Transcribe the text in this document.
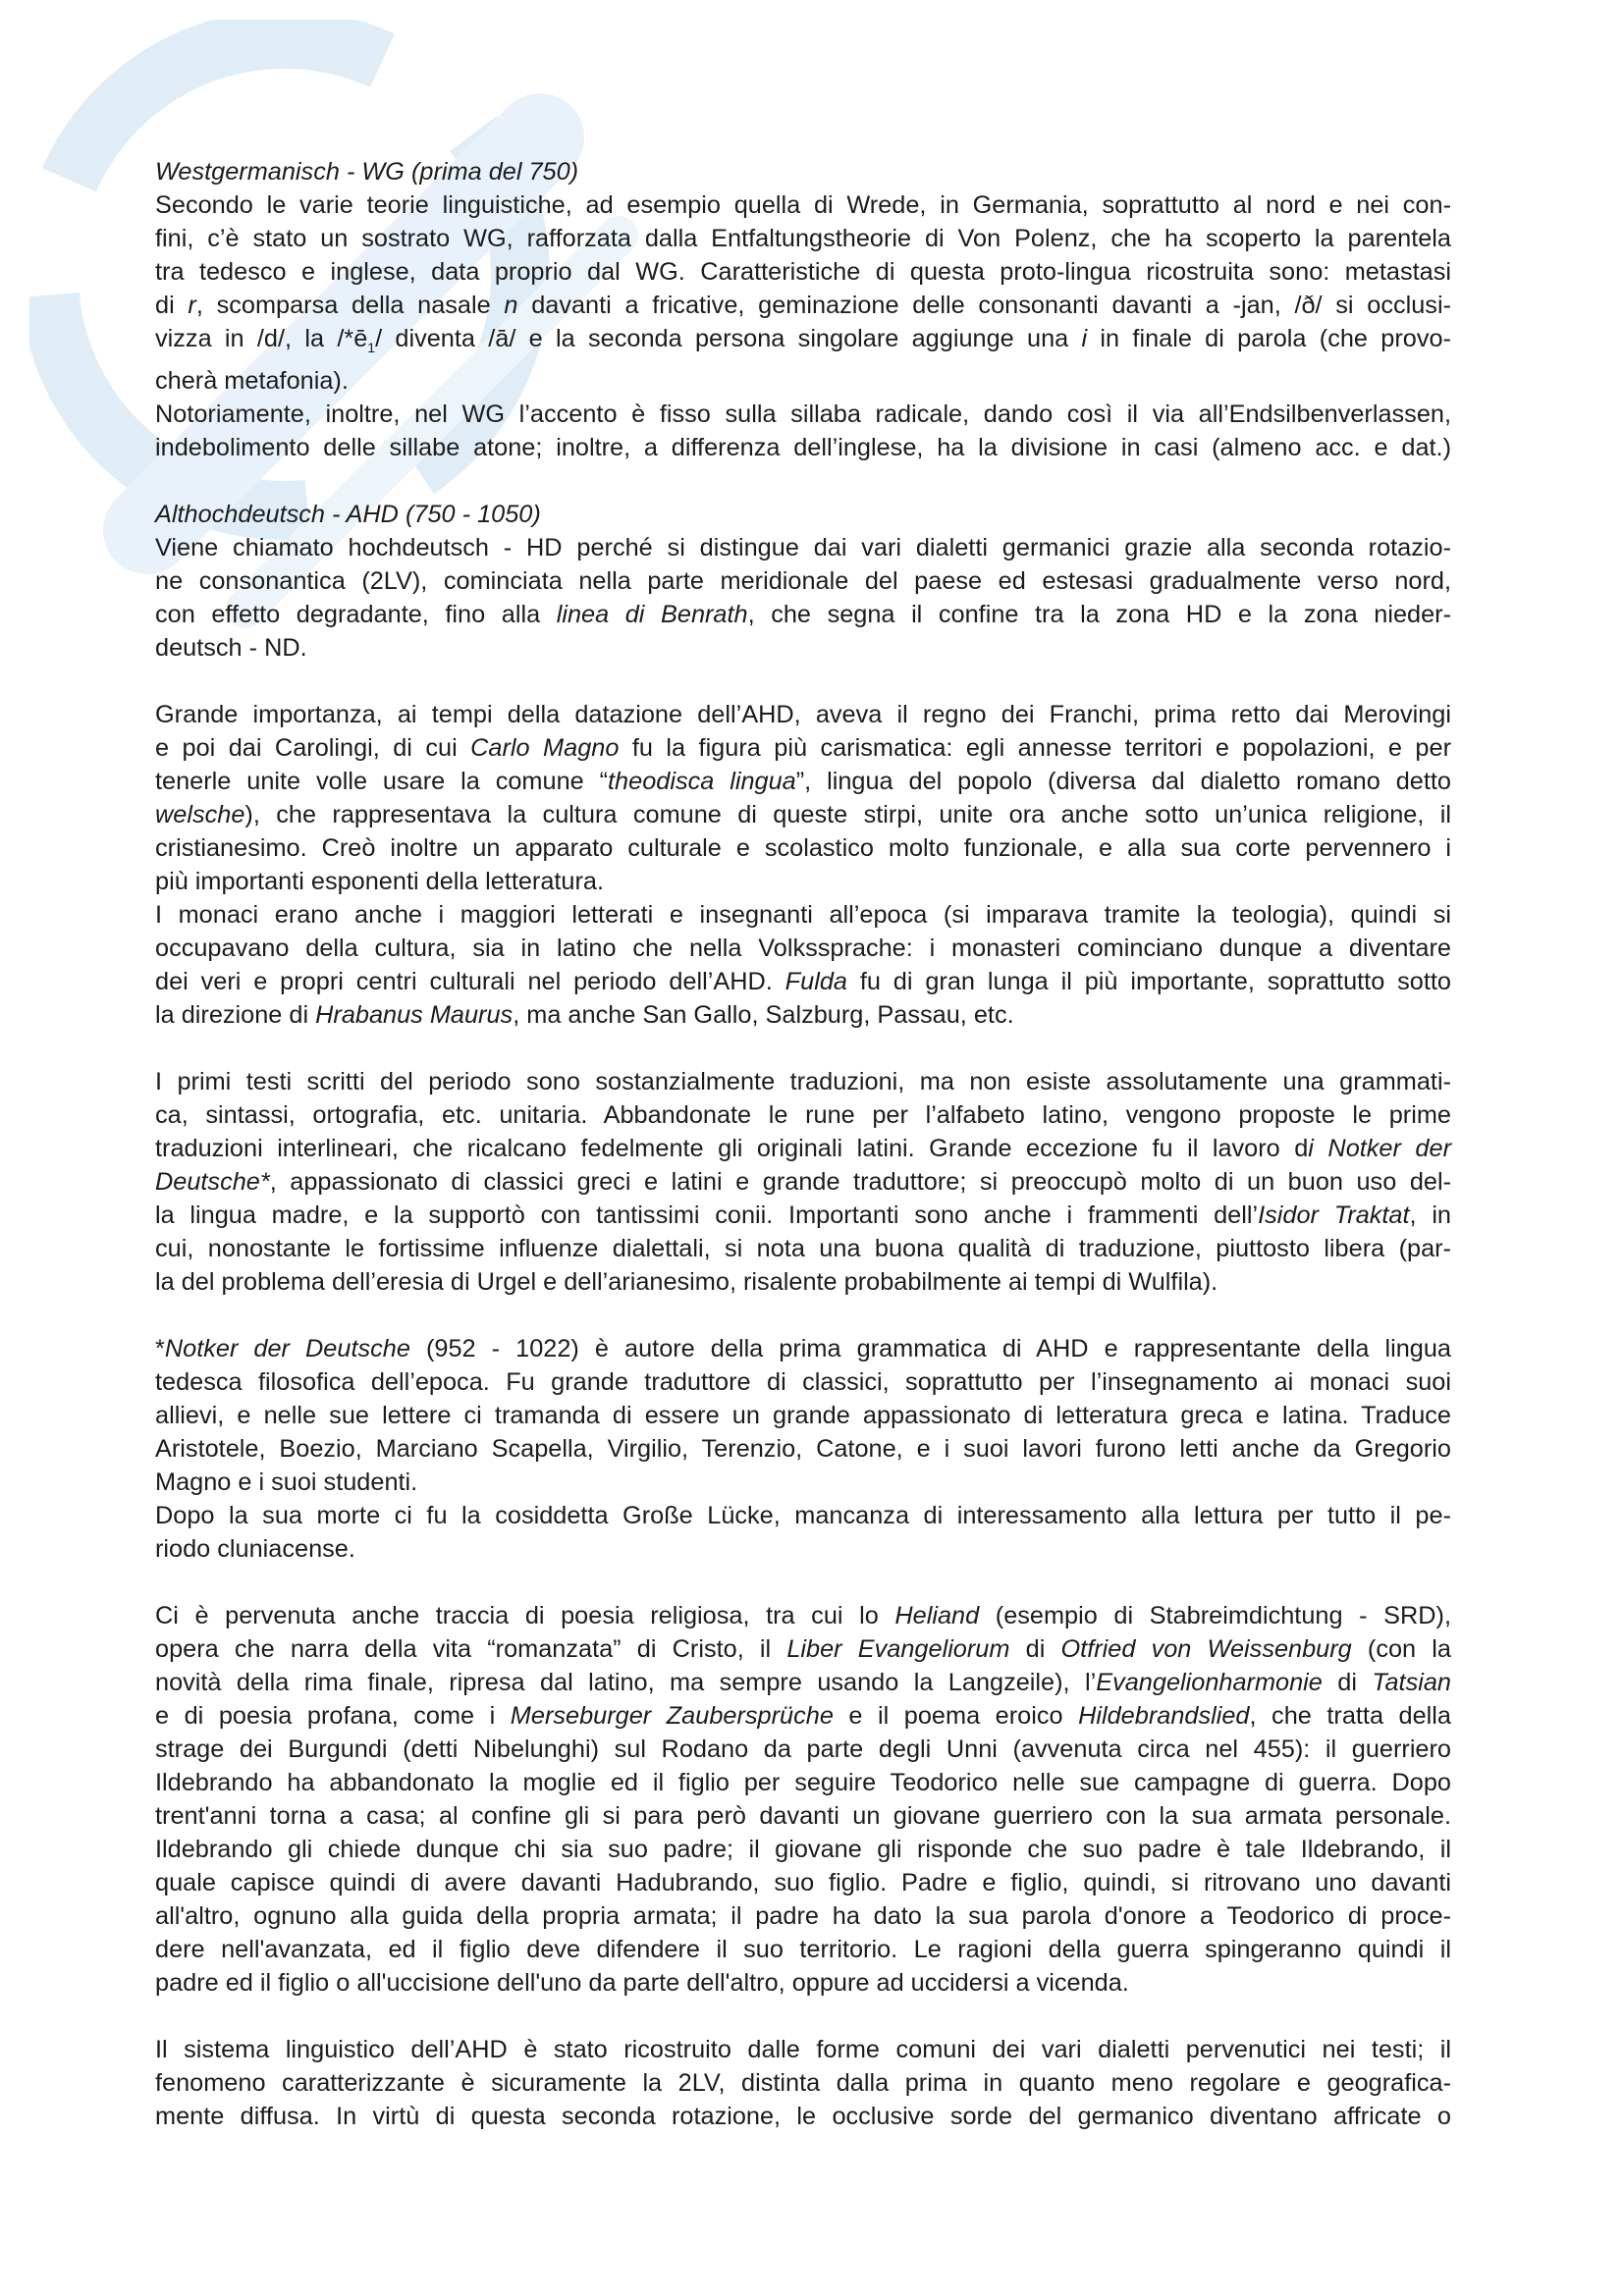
Westgermanisch - WG (prima del 750)
Secondo le varie teorie linguistiche, ad esempio quella di Wrede, in Germania, soprattutto al nord e nei con-
fini, c’è stato un sostrato WG, rafforzata dalla Entfaltungstheorie di Von Polenz, che ha scoperto la parentela
tra tedesco e inglese, data proprio dal WG. Caratteristiche di questa proto-lingua ricostruita sono: metastasi
di r, scomparsa della nasale n davanti a fricative, geminazione delle consonanti davanti a -jan, /ð/ si occlusi-
vizza in /d/, la $/*ē_1/$ diventa /ā/ e la seconda persona singolare aggiunge una i in finale di parola (che provo-
cherà metafonia).
Notoriamente, inoltre, nel WG l’accento è fisso sulla sillaba radicale, dando così il via all’Endsilbenverlassen,
indebolimento delle sillabe atone; inoltre, a differenza dell’inglese, ha la divisione in casi (almeno acc. e dat.)
Althochdeutsch - AHD (750 - 1050)
Viene chiamato hochdeutsch - HD perché si distingue dai vari dialetti germanici grazie alla seconda rotazio-
ne consonantica (2LV), cominciata nella parte meridionale del paese ed estesasi gradualmente verso nord,
con effetto degradante, fino alla linea di Benrath, che segna il confine tra la zona HD e la zona nieder-
deutsch - ND.
Grande importanza, ai tempi della datazione dell’AHD, aveva il regno dei Franchi, prima retto dai Merovingi
e poi dai Carolingi, di cui Carlo Magno fu la figura più carismatica: egli annesse territori e popolazioni, e per
tenerle unite volle usare la comune “theodisca lingua”, lingua del popolo (diversa dal dialetto romano detto
welsche), che rappresentava la cultura comune di queste stirpi, unite ora anche sotto un’unica religione, il
cristianesimo. Creò inoltre un apparato culturale e scolastico molto funzionale, e alla sua corte pervennero i
più importanti esponenti della letteratura.
I monaci erano anche i maggiori letterati e insegnanti all’epoca (si imparava tramite la teologia), quindi si
occupavano della cultura, sia in latino che nella Volkssprache: i monasteri cominciano dunque a diventare
dei veri e propri centri culturali nel periodo dell’AHD. Fulda fu di gran lunga il più importante, soprattutto sotto
la direzione di Hrabanus Maurus, ma anche San Gallo, Salzburg, Passau, etc.
I primi testi scritti del periodo sono sostanzialmente traduzioni, ma non esiste assolutamente una grammati-
ca, sintassi, ortografia, etc. unitaria. Abbandonate le rune per l’alfabeto latino, vengono proposte le prime
traduzioni interlineari, che ricalcano fedelmente gli originali latini. Grande eccezione fu il lavoro di Notker der
Deutsche*, appassionato di classici greci e latini e grande traduttore; si preoccupò molto di un buon uso del-
la lingua madre, e la supportò con tantissimi conii. Importanti sono anche i frammenti dell’Isidor Traktat, in
cui, nonostante le fortissime influenze dialettali, si nota una buona qualità di traduzione, piuttosto libera (par-
la del problema dell’eresia di Urgel e dell’arianesimo, risalente probabilmente ai tempi di Wulfila).
*Notker der Deutsche (952 - 1022) è autore della prima grammatica di AHD e rappresentante della lingua
tedesca filosofica dell’epoca. Fu grande traduttore di classici, soprattutto per l’insegnamento ai monaci suoi
allievi, e nelle sue lettere ci tramanda di essere un grande appassionato di letteratura greca e latina. Traduce
Aristotele, Boezio, Marciano Scapella, Virgilio, Terenzio, Catone, e i suoi lavori furono letti anche da Gregorio
Magno e i suoi studenti.
Dopo la sua morte ci fu la cosiddetta Große Lücke, mancanza di interessamento alla lettura per tutto il pe-
riodo cluniacense.
Ci è pervenuta anche traccia di poesia religiosa, tra cui lo Heliand (esempio di Stabreimdichtung - SRD),
opera che narra della vita “romanzata” di Cristo, il Liber Evangeliorum di Otfried von Weissenburg (con la
novità della rima finale, ripresa dal latino, ma sempre usando la Langzeile), l’Evangelionharmonie di Tatsian
e di poesia profana, come i Merseburger Zaubersprüche e il poema eroico Hildebrandslied, che tratta della
strage dei Burgundi (detti Nibelunghi) sul Rodano da parte degli Unni (avvenuta circa nel 455): il guerriero
Ildebrando ha abbandonato la moglie ed il figlio per seguire Teodorico nelle sue campagne di guerra. Dopo
trent'anni torna a casa; al confine gli si para però davanti un giovane guerriero con la sua armata personale.
Ildebrando gli chiede dunque chi sia suo padre; il giovane gli risponde che suo padre è tale Ildebrando, il
quale capisce quindi di avere davanti Hadubrando, suo figlio. Padre e figlio, quindi, si ritrovano uno davanti
all'altro, ognuno alla guida della propria armata; il padre ha dato la sua parola d'onore a Teodorico di proce-
dere nell'avanzata, ed il figlio deve difendere il suo territorio. Le ragioni della guerra spingeranno quindi il
padre ed il figlio o all'uccisione dell'uno da parte dell'altro, oppure ad uccidersi a vicenda.
Il sistema linguistico dell’AHD è stato ricostruito dalle forme comuni dei vari dialetti pervenutici nei testi; il
fenomeno caratterizzante è sicuramente la 2LV, distinta dalla prima in quanto meno regolare e geografica-
mente diffusa. In virtù di questa seconda rotazione, le occlusive sorde del germanico diventano affricate o
